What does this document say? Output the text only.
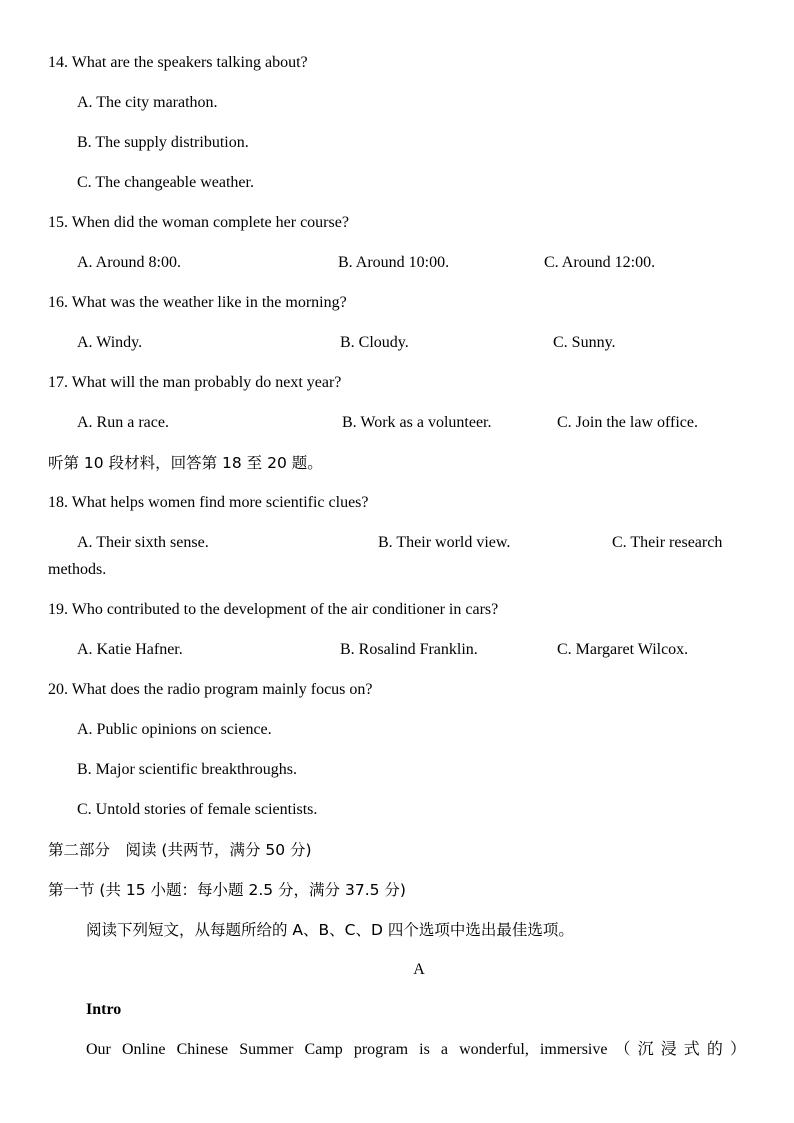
14. What are the speakers talking about?
A. The city marathon.
B. The supply distribution.
C. The changeable weather.
15. When did the woman complete her course?
A. Around 8:00.	B. Around 10:00.	C. Around 12:00.
16. What was the weather like in the morning?
A. Windy.	B. Cloudy.	C. Sunny.
17. What will the man probably do next year?
A. Run a race.	B. Work as a volunteer.	C. Join the law office.
听第 10 段材料，回答第 18 至 20 题。
18. What helps women find more scientific clues?
A. Their sixth sense.	B. Their world view.	C. Their research
methods.
19. Who contributed to the development of the air conditioner in cars?
A. Katie Hafner.	B. Rosalind Franklin.	C. Margaret Wilcox.
20. What does the radio program mainly focus on?
A. Public opinions on science.
B. Major scientific breakthroughs.
C. Untold stories of female scientists.
第二部分　阅读 (共两节，满分 50 分)
第一节 (共 15 小题：每小题 2.5 分，满分 37.5 分)
阅读下列短文，从每题所给的 A、B、C、D 四个选项中选出最佳选项。
A
Intro
Our Online Chinese Summer Camp program is a wonderful, immersive（沉浸式的）
